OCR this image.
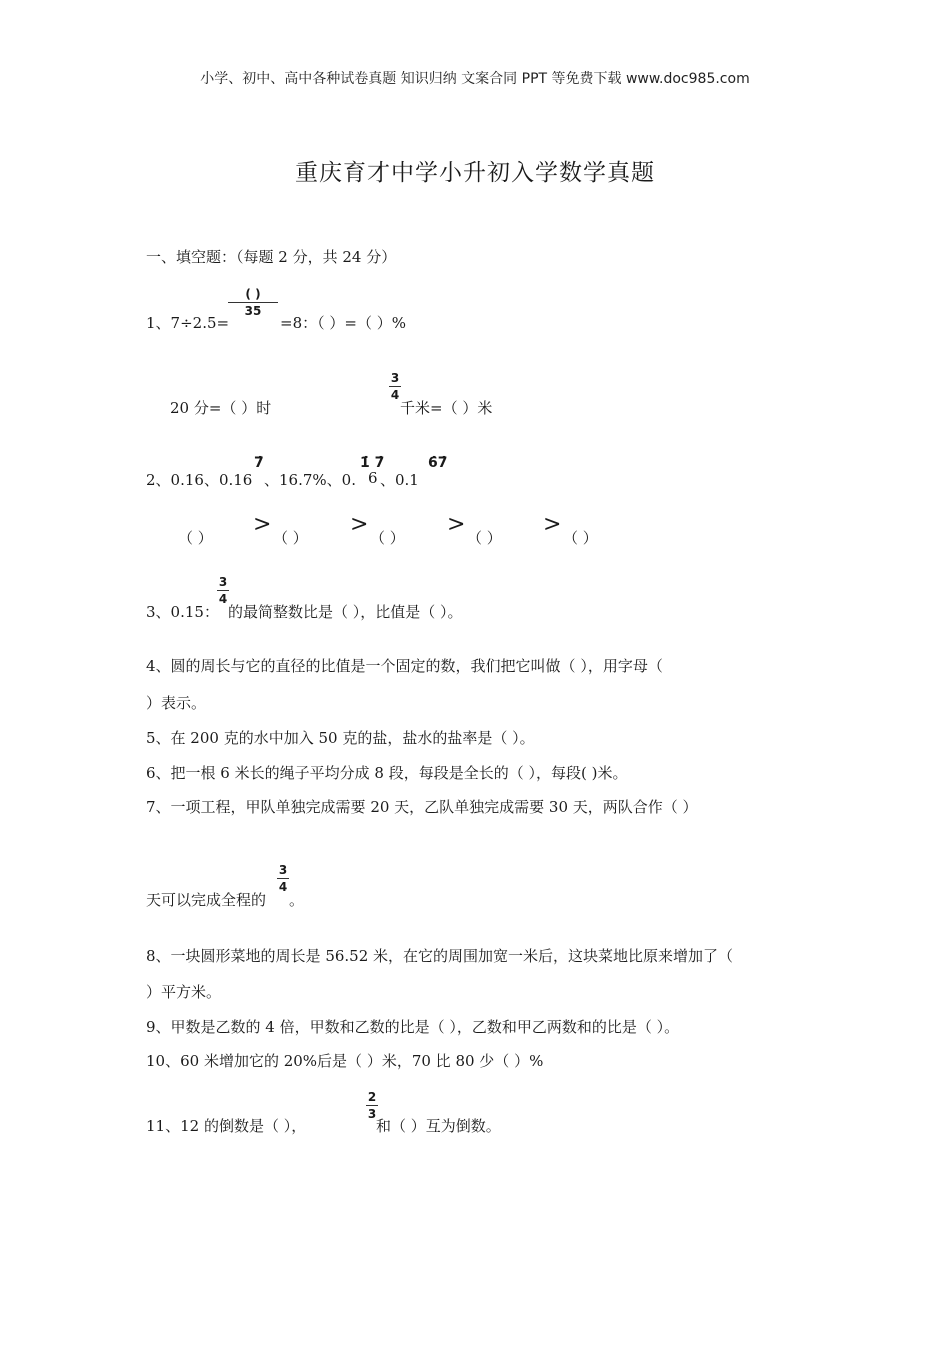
小学、初中、高中各种试卷真题 知识归纳 文案合同 PPT 等免费下载 www.doc985.com
重庆育才中学小升初入学数学真题
一、填空题：（每题 2 分，共 24 分）
( )
35
1、7÷2.5=	=8：（ ）=（ ）%
20 分=（ ）时
3
4
千米=（ ）米
2、0.16、0.16
7̇
、16.7%、0.
1̇ 7̇
6 、0.1
6̇7̇
（ ）
>
（ ）
>
（ ）
>
（ ）
>
（ ）
3、0.15：
3
4
的最简整数比是（ ），比值是（ ）。
4、圆的周长与它的直径的比值是一个固定的数，我们把它叫做（ ），用字母（
）表示。
5、在 200 克的水中加入 50 克的盐，盐水的盐率是（ ）。
6、把一根 6 米长的绳子平均分成 8 段，每段是全长的（ ），每段( )米。
7、一项工程，甲队单独完成需要 20 天，乙队单独完成需要 30 天，两队合作（ ）
天可以完成全程的
3
4
。
8、一块圆形菜地的周长是 56.52 米，在它的周围加宽一米后，这块菜地比原来增加了（
）平方米。
9、甲数是乙数的 4 倍，甲数和乙数的比是（ ），乙数和甲乙两数和的比是（ ）。
10、60 米增加它的 20%后是（ ）米，70 比 80 少（ ）%
11、12 的倒数是（ ），
2
3
和（ ）互为倒数。
